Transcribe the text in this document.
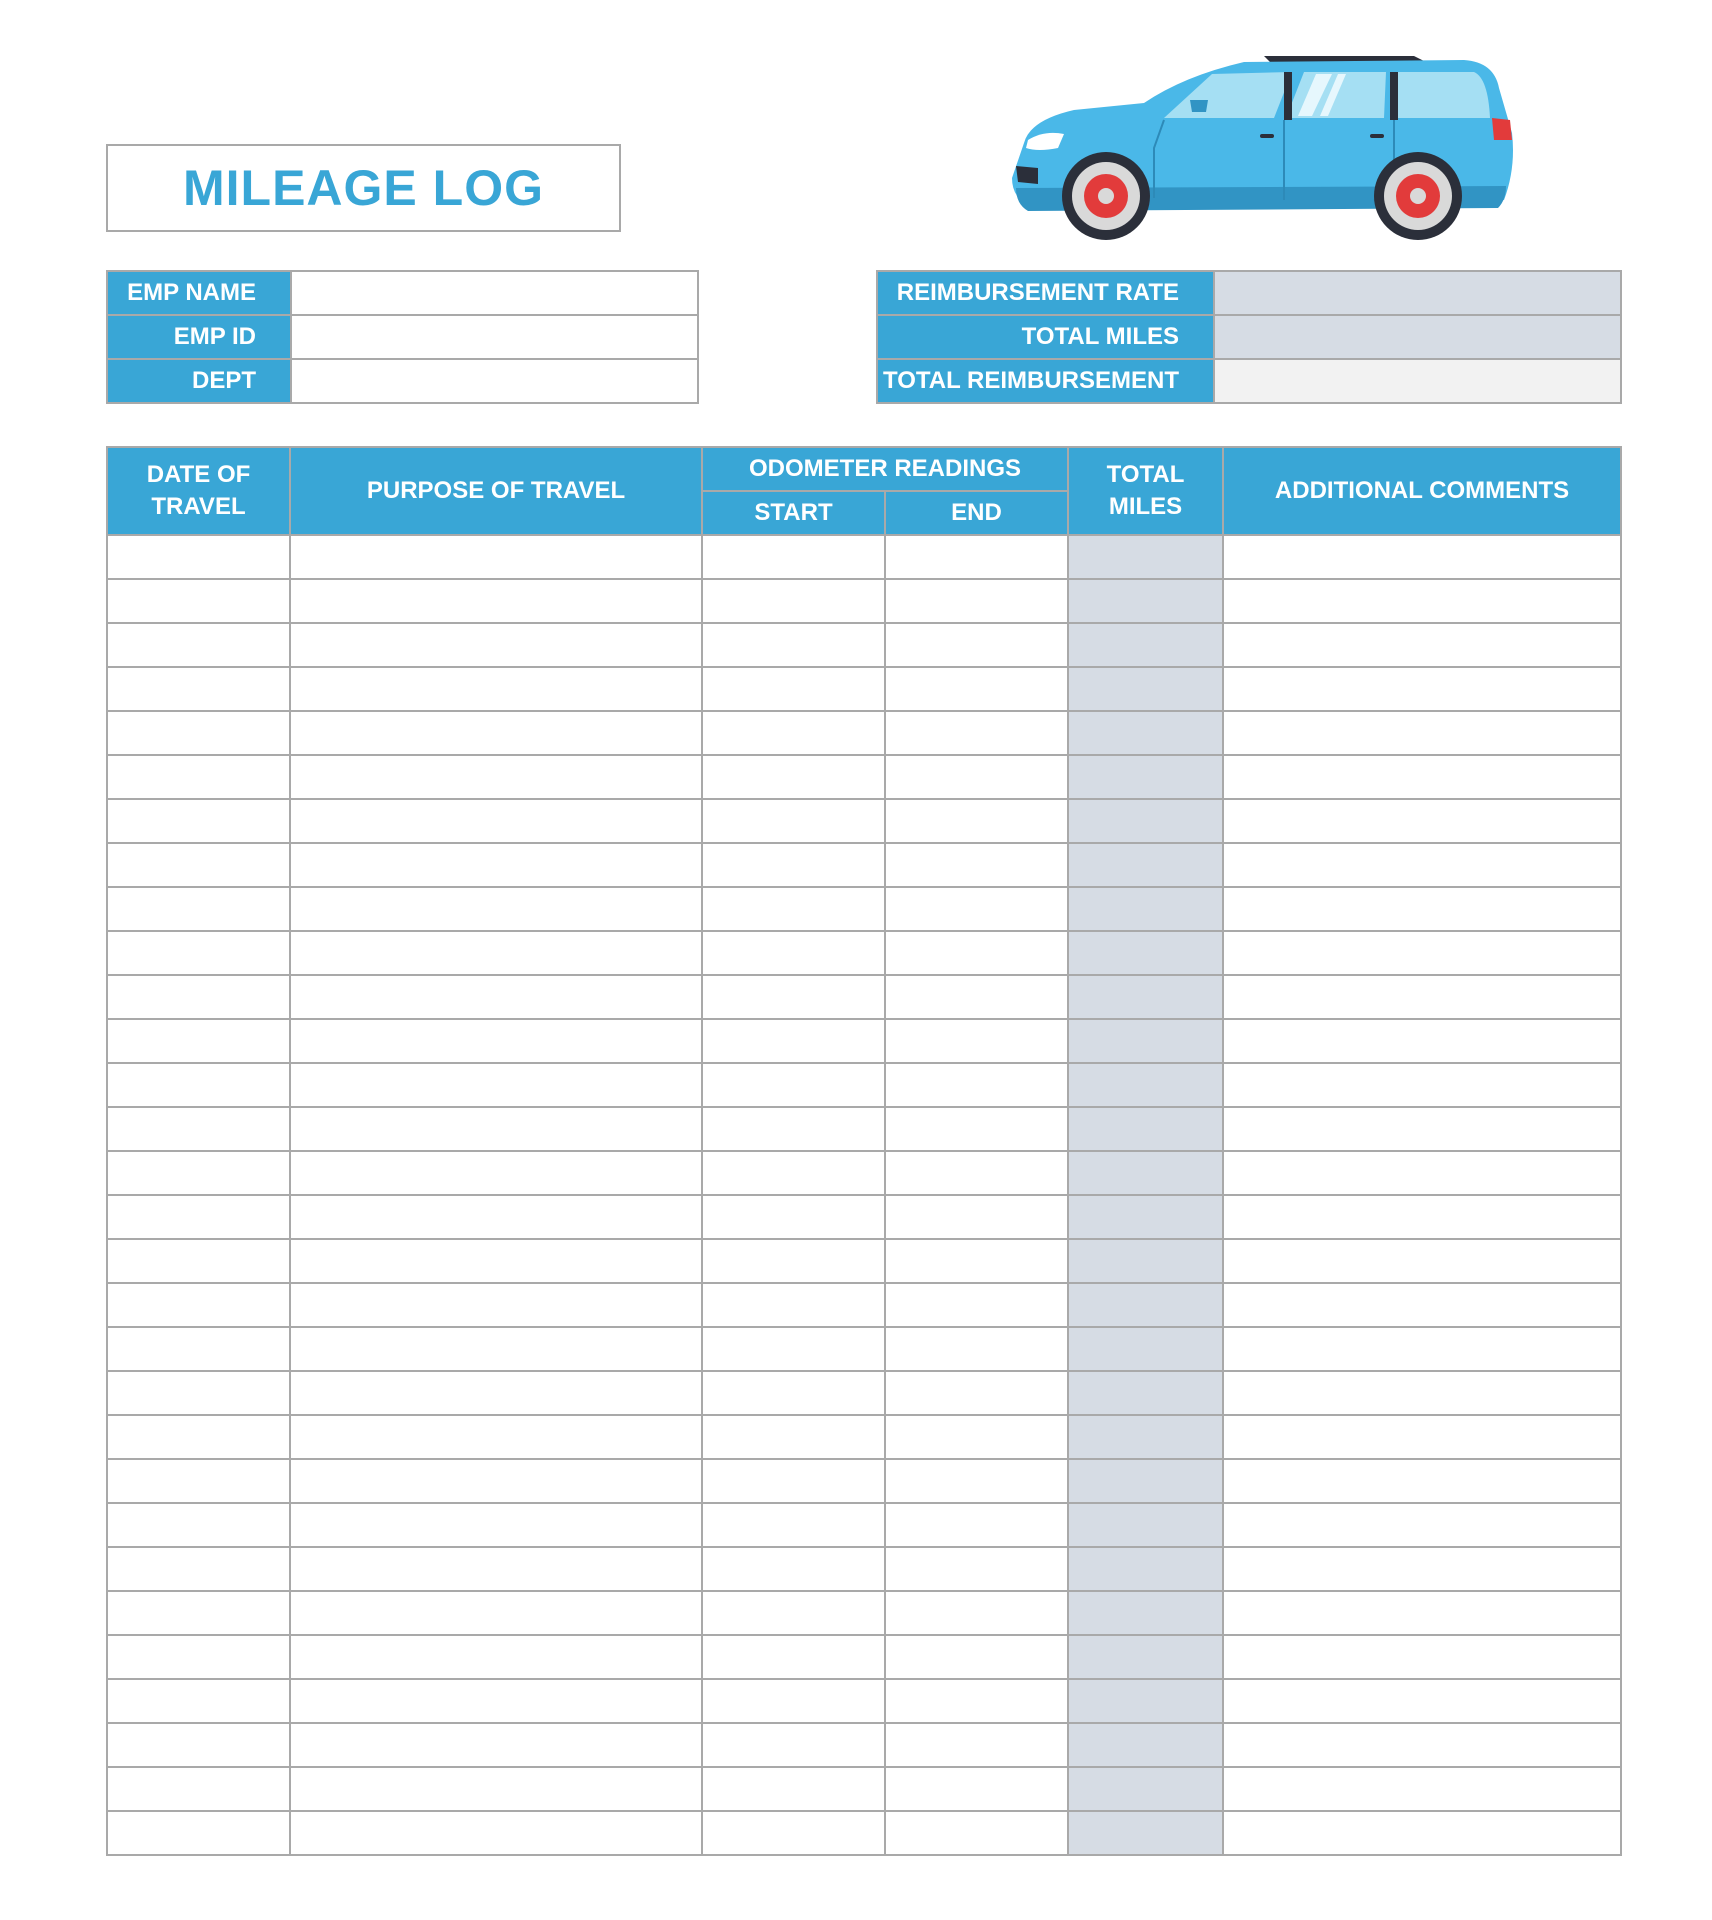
MILEAGE LOG
EMP NAME	
EMP ID	
DEPT	
REIMBURSEMENT RATE	
TOTAL MILES	
TOTAL REIMBURSEMENT	
DATE OF TRAVEL	PURPOSE OF TRAVEL	ODOMETER READINGS		TOTAL MILES	ADDITIONAL COMMENTS
		START	END		
